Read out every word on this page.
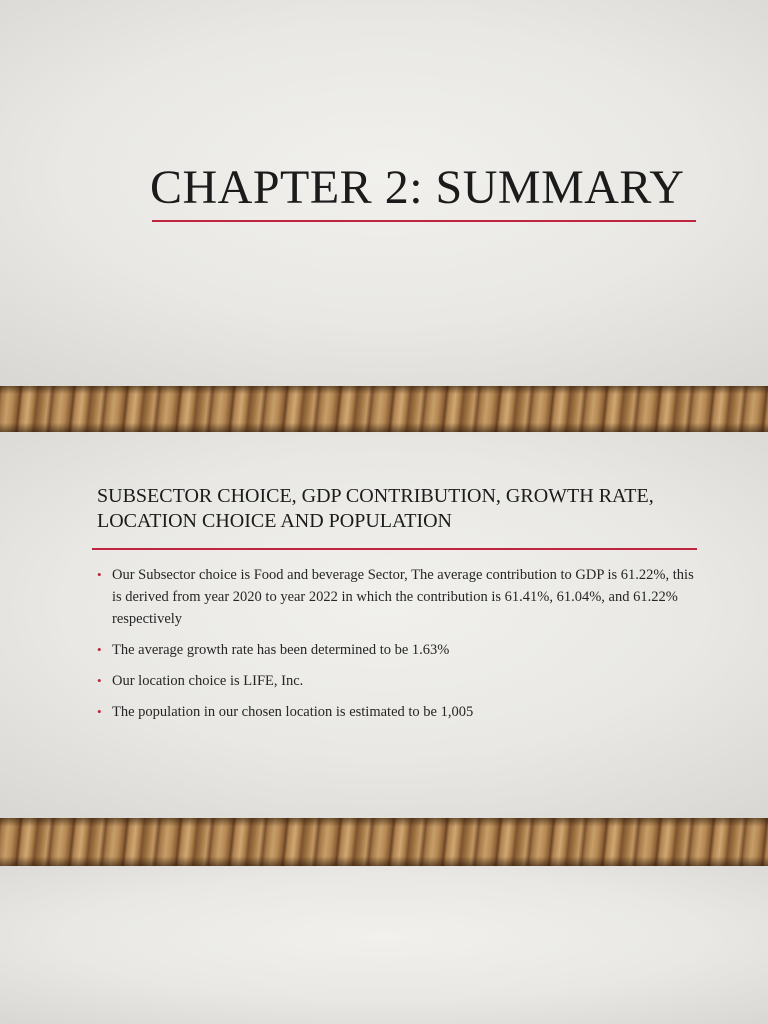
CHAPTER 2: SUMMARY
SUBSECTOR CHOICE, GDP CONTRIBUTION, GROWTH RATE, LOCATION CHOICE AND POPULATION
• Our Subsector choice is Food and beverage Sector, The average contribution to GDP is 61.22%, this is derived from year 2020 to year 2022 in which the contribution is 61.41%, 61.04%, and 61.22% respectively
• The average growth rate has been determined to be 1.63%
• Our location choice is LIFE, Inc.
• The population in our chosen location is estimated to be 1,005
